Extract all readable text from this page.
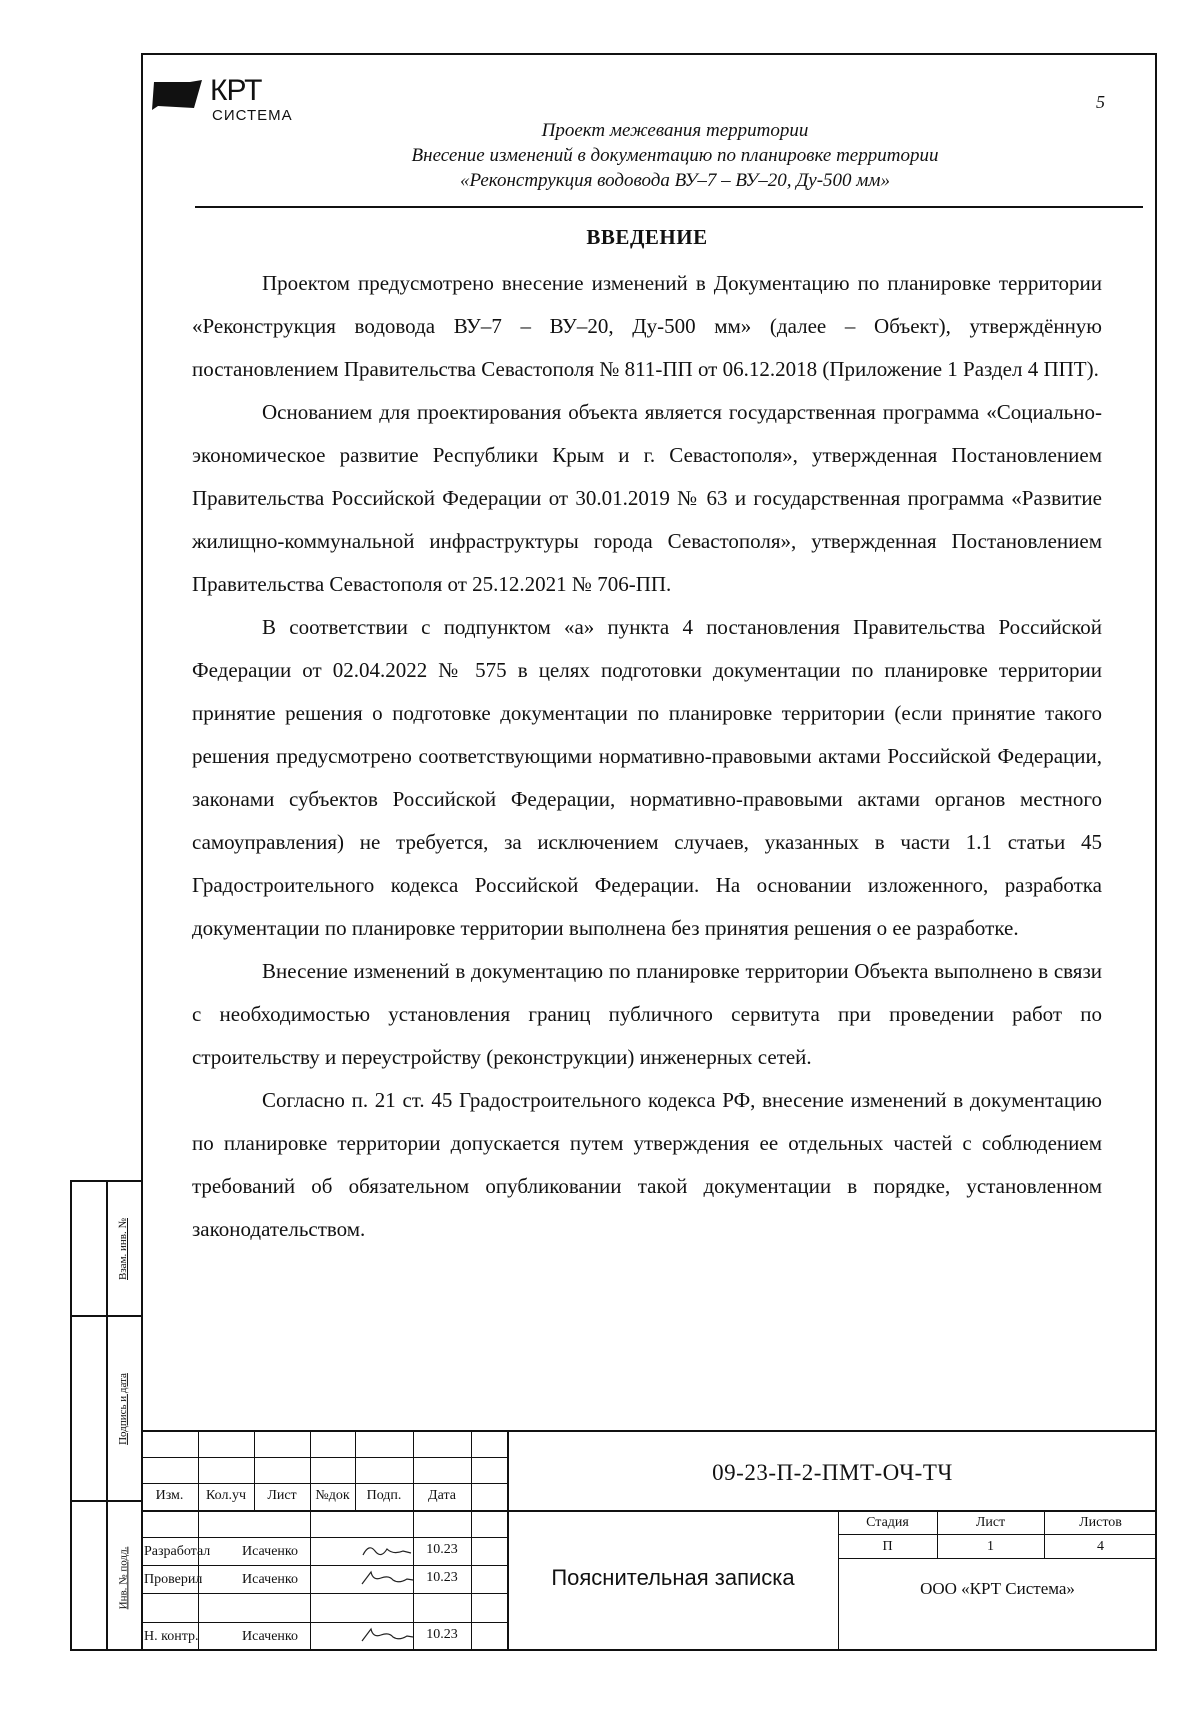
КРТ
СИСТЕМА
5
Проект межевания территории
Внесение изменений в документацию по планировке территории
«Реконструкция водовода ВУ–7 – ВУ–20, Ду-500 мм»
ВВЕДЕНИЕ

Проектом предусмотрено внесение изменений в Документацию по планировке территории «Реконструкция водовода ВУ–7 – ВУ–20, Ду-500 мм» (далее – Объект), утверждённую постановлением Правительства Севастополя № 811-ПП от 06.12.2018 (Приложение 1 Раздел 4 ППТ).

Основанием для проектирования объекта является государственная программа «Социально-экономическое развитие Республики Крым и г. Севастополя», утвержденная Постановлением Правительства Российской Федерации от 30.01.2019 № 63 и государственная программа «Развитие жилищно-коммунальной инфраструктуры города Севастополя», утвержденная Постановлением Правительства Севастополя от 25.12.2021 № 706-ПП.

В соответствии с подпунктом «а» пункта 4 постановления Правительства Российской Федерации от 02.04.2022 № 575 в целях подготовки документации по планировке территории принятие решения о подготовке документации по планировке территории (если принятие такого решения предусмотрено соответствующими нормативно-правовыми актами Российской Федерации, законами субъектов Российской Федерации, нормативно-правовыми актами органов местного самоуправления) не требуется, за исключением случаев, указанных в части 1.1 статьи 45 Градостроительного кодекса Российской Федерации. На основании изложенного, разработка документации по планировке территории выполнена без принятия решения о ее разработке.

Внесение изменений в документацию по планировке территории Объекта выполнено в связи с необходимостью установления границ публичного сервитута при проведении работ по строительству и переустройству (реконструкции) инженерных сетей.

Согласно п. 21 ст. 45 Градостроительного кодекса РФ, внесение изменений в документацию по планировке территории допускается путем утверждения ее отдельных частей с соблюдением требований об обязательном опубликовании такой документации в порядке, установленном законодательством.

Взам. инв. №
Подпись и дата
Инв. № подл.
Изм.	Кол.уч	Лист	№док	Подп.	Дата
09-23-П-2-ПМТ-ОЧ-ТЧ
Разработал Исаченко	10.23
Проверил	Исаченко	10.23
Н. контр.	Исаченко	10.23
Пояснительная записка
Стадия	Лист	Листов
П	1	4
ООО «КРТ Система»
